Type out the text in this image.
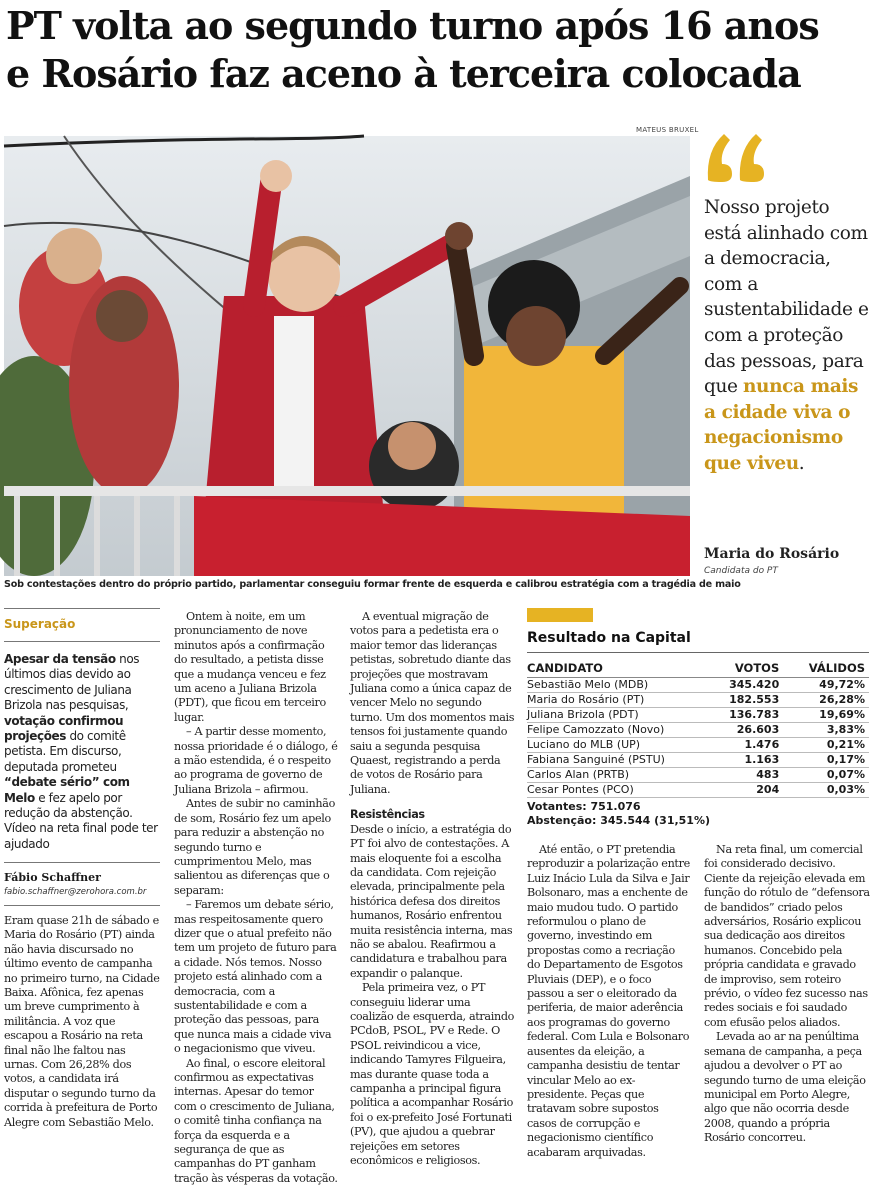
PT volta ao segundo turno após 16 anos
e Rosário faz aceno à terceira colocada
MATEUS BRUXEL
Sob contestações dentro do próprio partido, parlamentar conseguiu formar frente de esquerda e calibrou estratégia com a tragédia de maio
Nosso projeto está alinhado com a democracia, com a sustentabilidade e com a proteção das pessoas, para que nunca mais a cidade viva o negacionismo que viveu.
Maria do Rosário
Candidata do PT
Superação
Apesar da tensão nos últimos dias devido ao crescimento de Juliana Brizola nas pesquisas, votação confirmou projeções do comitê petista. Em discurso, deputada prometeu “debate sério” com Melo e fez apelo por redução da abstenção. Vídeo na reta final pode ter ajudado
Fábio Schaffner
fabio.schaffner@zerohora.com.br

Eram quase 21h de sábado e Maria do Rosário (PT) ainda não havia discursado no último evento de campanha no primeiro turno, na Cidade Baixa. Afônica, fez apenas um breve cumprimento à militância. A voz que escapou a Rosário na reta final não lhe faltou nas urnas. Com 26,28% dos votos, a candidata irá disputar o segundo turno da corrida à prefeitura de Porto Alegre com Sebastião Melo.

Ontem à noite, em um pronunciamento de nove minutos após a confirmação do resultado, a petista disse que a mudança venceu e fez um aceno a Juliana Brizola (PDT), que ficou em terceiro lugar.

– A partir desse momento, nossa prioridade é o diálogo, é a mão estendida, é o respeito ao programa de governo de Juliana Brizola – afirmou.

Antes de subir no caminhão de som, Rosário fez um apelo para reduzir a abstenção no segundo turno e cumprimentou Melo, mas salientou as diferenças que o separam:

– Faremos um debate sério, mas respeitosamente quero dizer que o atual prefeito não tem um projeto de futuro para a cidade. Nós temos. Nosso projeto está alinhado com a democracia, com a sustentabilidade e com a proteção das pessoas, para que nunca mais a cidade viva o negacionismo que viveu.

Ao final, o escore eleitoral confirmou as expectativas internas. Apesar do temor com o crescimento de Juliana, o comitê tinha confiança na força da esquerda e a segurança de que as campanhas do PT ganham tração às vésperas da votação.

A eventual migração de votos para a pedetista era o maior temor das lideranças petistas, sobretudo diante das projeções que mostravam Juliana como a única capaz de vencer Melo no segundo turno. Um dos momentos mais tensos foi justamente quando saiu a segunda pesquisa Quaest, registrando a perda de votos de Rosário para Juliana.

Resistências

Desde o início, a estratégia do PT foi alvo de contestações. A mais eloquente foi a escolha da candidata. Com rejeição elevada, principalmente pela histórica defesa dos direitos humanos, Rosário enfrentou muita resistência interna, mas não se abalou. Reafirmou a candidatura e trabalhou para expandir o palanque.

Pela primeira vez, o PT conseguiu liderar uma coalizão de esquerda, atraindo PCdoB, PSOL, PV e Rede. O PSOL reivindicou a vice, indicando Tamyres Filgueira, mas durante quase toda a campanha a principal figura política a acompanhar Rosário foi o ex-prefeito José Fortunati (PV), que ajudou a quebrar rejeições em setores econômicos e religiosos.

Até então, o PT pretendia reproduzir a polarização entre Luiz Inácio Lula da Silva e Jair Bolsonaro, mas a enchente de maio mudou tudo. O partido reformulou o plano de governo, investindo em propostas como a recriação do Departamento de Esgotos Pluviais (DEP), e o foco passou a ser o eleitorado da periferia, de maior aderência aos programas do governo federal. Com Lula e Bolsonaro ausentes da eleição, a campanha desistiu de tentar vincular Melo ao ex-presidente. Peças que tratavam sobre supostos casos de corrupção e negacionismo científico acabaram arquivadas.

Na reta final, um comercial foi considerado decisivo. Ciente da rejeição elevada em função do rótulo de “defensora de bandidos” criado pelos adversários, Rosário explicou sua dedicação aos direitos humanos. Concebido pela própria candidata e gravado de improviso, sem roteiro prévio, o vídeo fez sucesso nas redes sociais e foi saudado com efusão pelos aliados.

Levada ao ar na penúltima semana de campanha, a peça ajudou a devolver o PT ao segundo turno de uma eleição municipal em Porto Alegre, algo que não ocorria desde 2008, quando a própria Rosário concorreu.

Resultado na Capital
CANDIDATO	VOTOS	VÁLIDOS
Sebastião Melo (MDB)	345.420	49,72%
Maria do Rosário (PT)	182.553	26,28%
Juliana Brizola (PDT)	136.783	19,69%
Felipe Camozzato (Novo)	26.603	3,83%
Luciano do MLB (UP)	1.476	0,21%
Fabiana Sanguiné (PSTU)	1.163	0,17%
Carlos Alan (PRTB)	483	0,07%
Cesar Pontes (PCO)	204	0,03%
Votantes: 751.076
Abstenção: 345.544 (31,51%)
